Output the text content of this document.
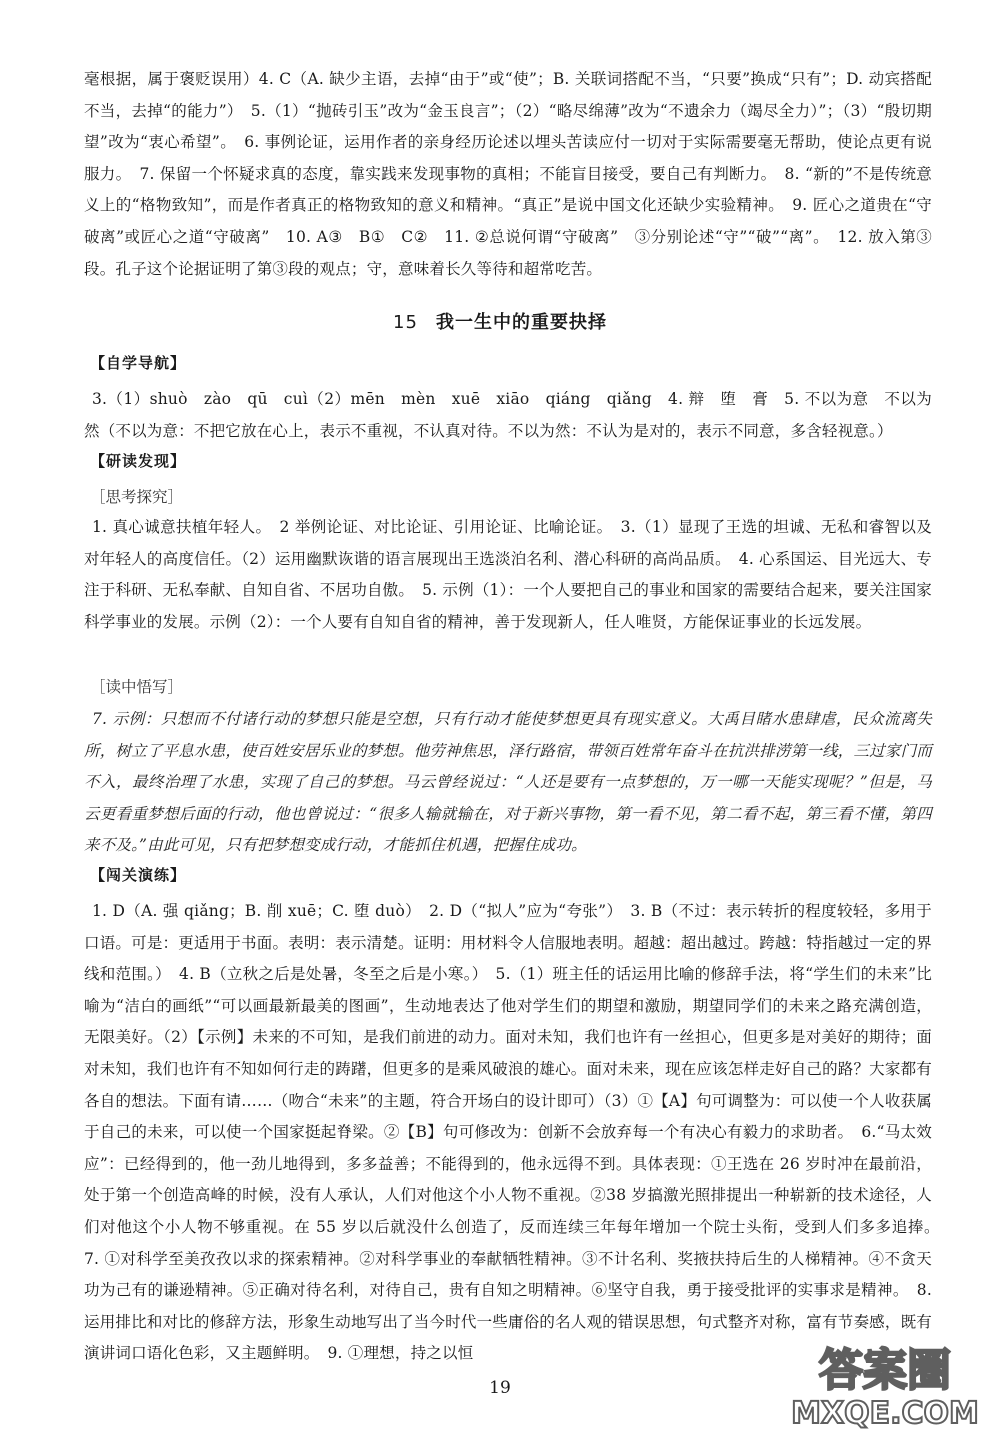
毫根据，属于褒贬误用）4. C（A. 缺少主语，去掉“由于”或“使”；B. 关联词搭配不当，“只要”换成“只有”；D. 动宾搭配不当，去掉“的能力”）　5.（1）“抛砖引玉”改为“金玉良言”；（2）“略尽绵薄”改为“不遗余力（竭尽全力）”；（3）“殷切期望”改为“衷心希望”。　6. 事例论证，运用作者的亲身经历论述以埋头苦读应付一切对于实际需要毫无帮助，使论点更有说服力。　7. 保留一个怀疑求真的态度，靠实践来发现事物的真相；不能盲目接受，要自己有判断力。　8. “新的”不是传统意义上的“格物致知”，而是作者真正的格物致知的意义和精神。“真正”是说中国文化还缺少实验精神。　9. 匠心之道贵在“守破离”或匠心之道“守破离”　10. A③　B①　C②　11. ②总说何谓“守破离”　③分别论述“守”“破”“离”。　12. 放入第③段。孔子这个论据证明了第③段的观点；守，意味着长久等待和超常吃苦。

15 我一生中的重要抉择

【自学导航】

3.（1）shuò　zào　qū　cuì（2）mēn　mèn　xuē　xiāo　qiáng　qiǎng　4. 辩　堕　膏　5. 不以为意　不以为然（不以为意：不把它放在心上，表示不重视，不认真对待。不以为然：不认为是对的，表示不同意，多含轻视意。）

【研读发现】

［思考探究］

1. 真心诚意扶植年轻人。　2 举例论证、对比论证、引用论证、比喻论证。　3.（1）显现了王选的坦诚、无私和睿智以及对年轻人的高度信任。（2）运用幽默诙谐的语言展现出王选淡泊名利、潜心科研的高尚品质。　4. 心系国运、目光远大、专注于科研、无私奉献、自知自省、不居功自傲。　5. 示例（1）：一个人要把自己的事业和国家的需要结合起来，要关注国家科学事业的发展。示例（2）：一个人要有自知自省的精神，善于发现新人，任人唯贤，方能保证事业的长远发展。

［读中悟写］

7. 示例：只想而不付诸行动的梦想只能是空想，只有行动才能使梦想更具有现实意义。大禹目睹水患肆虐，民众流离失所，树立了平息水患，使百姓安居乐业的梦想。他劳神焦思，泽行路宿，带领百姓常年奋斗在抗洪排涝第一线，三过家门而不入，最终治理了水患，实现了自己的梦想。马云曾经说过：“人还是要有一点梦想的，万一哪一天能实现呢？”但是，马云更看重梦想后面的行动，他也曾说过：“很多人输就输在，对于新兴事物，第一看不见，第二看不起，第三看不懂，第四来不及。”由此可见，只有把梦想变成行动，才能抓住机遇，把握住成功。

【闯关演练】

1. D（A. 强 qiǎng；B. 削 xuē；C. 堕 duò）　2. D（“拟人”应为“夸张”）　3. B（不过：表示转折的程度较轻，多用于口语。可是：更适用于书面。表明：表示清楚。证明：用材料令人信服地表明。超越：超出越过。跨越：特指越过一定的界线和范围。）　4. B（立秋之后是处暑，冬至之后是小寒。）　5.（1）班主任的话运用比喻的修辞手法，将“学生们的未来”比喻为“洁白的画纸”“可以画最新最美的图画”，生动地表达了他对学生们的期望和激励，期望同学们的未来之路充满创造，无限美好。（2）【示例】未来的不可知，是我们前进的动力。面对未知，我们也许有一丝担心，但更多是对美好的期待；面对未知，我们也许有不知如何行走的踌躇，但更多的是乘风破浪的雄心。面对未来，现在应该怎样走好自己的路？大家都有各自的想法。下面有请……（吻合“未来”的主题，符合开场白的设计即可）（3）①【A】句可调整为：可以使一个人收获属于自己的未来，可以使一个国家挺起脊梁。②【B】句可修改为：创新不会放弃每一个有决心有毅力的求助者。　6.“马太效应”：已经得到的，他一劲儿地得到，多多益善；不能得到的，他永远得不到。具体表现：①王选在 26 岁时冲在最前沿，处于第一个创造高峰的时候，没有人承认，人们对他这个小人物不重视。②38 岁搞激光照排提出一种崭新的技术途径，人们对他这个小人物不够重视。在 55 岁以后就没什么创造了，反而连续三年每年增加一个院士头衔，受到人们多多追捧。　7. ①对科学至美孜孜以求的探索精神。②对科学事业的奉献牺牲精神。③不计名利、奖掖扶持后生的人梯精神。④不贪天功为己有的谦逊精神。⑤正确对待名利，对待自己，贵有自知之明精神。⑥坚守自我，勇于接受批评的实事求是精神。　8. 运用排比和对比的修辞方法，形象生动地写出了当今时代一些庸俗的名人观的错误思想，句式整齐对称，富有节奏感，既有演讲词口语化色彩，又主题鲜明。　9. ①理想，持之以恒

19	答案圈
MXQE.COM
